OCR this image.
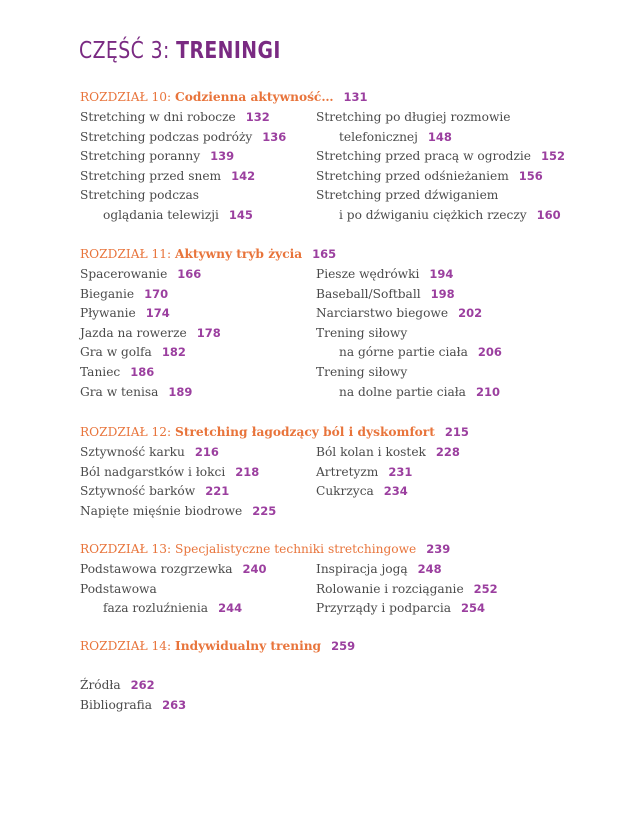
CZĘŚĆ 3: TRENINGI
ROZDZIAŁ 10: Codzienna aktywność… 131
Stretching w dni robocze 132
Stretching podczas podróży 136
Stretching poranny 139
Stretching przed snem 142
Stretching podczas
oglądania telewizji 145
Stretching po długiej rozmowie
telefonicznej 148
Stretching przed pracą w ogrodzie 152
Stretching przed odśnieżaniem 156
Stretching przed dźwiganiem
i po dźwiganiu ciężkich rzeczy 160
ROZDZIAŁ 11: Aktywny tryb życia 165
Spacerowanie 166
Bieganie 170
Pływanie 174
Jazda na rowerze 178
Gra w golfa 182
Taniec 186
Gra w tenisa 189
Piesze wędrówki 194
Baseball/Softball 198
Narciarstwo biegowe 202
Trening siłowy
na górne partie ciała 206
Trening siłowy
na dolne partie ciała 210
ROZDZIAŁ 12: Stretching łagodzący ból i dyskomfort 215
Sztywność karku 216
Ból nadgarstków i łokci 218
Sztywność barków 221
Napięte mięśnie biodrowe 225
Ból kolan i kostek 228
Artretyzm 231
Cukrzyca 234
ROZDZIAŁ 13: Specjalistyczne techniki stretchingowe 239
Podstawowa rozgrzewka 240
Podstawowa
faza rozluźnienia 244
Inspiracja jogą 248
Rolowanie i rozciąganie 252
Przyrządy i podparcia 254
ROZDZIAŁ 14: Indywidualny trening 259
Źródła 262
Bibliografia 263
